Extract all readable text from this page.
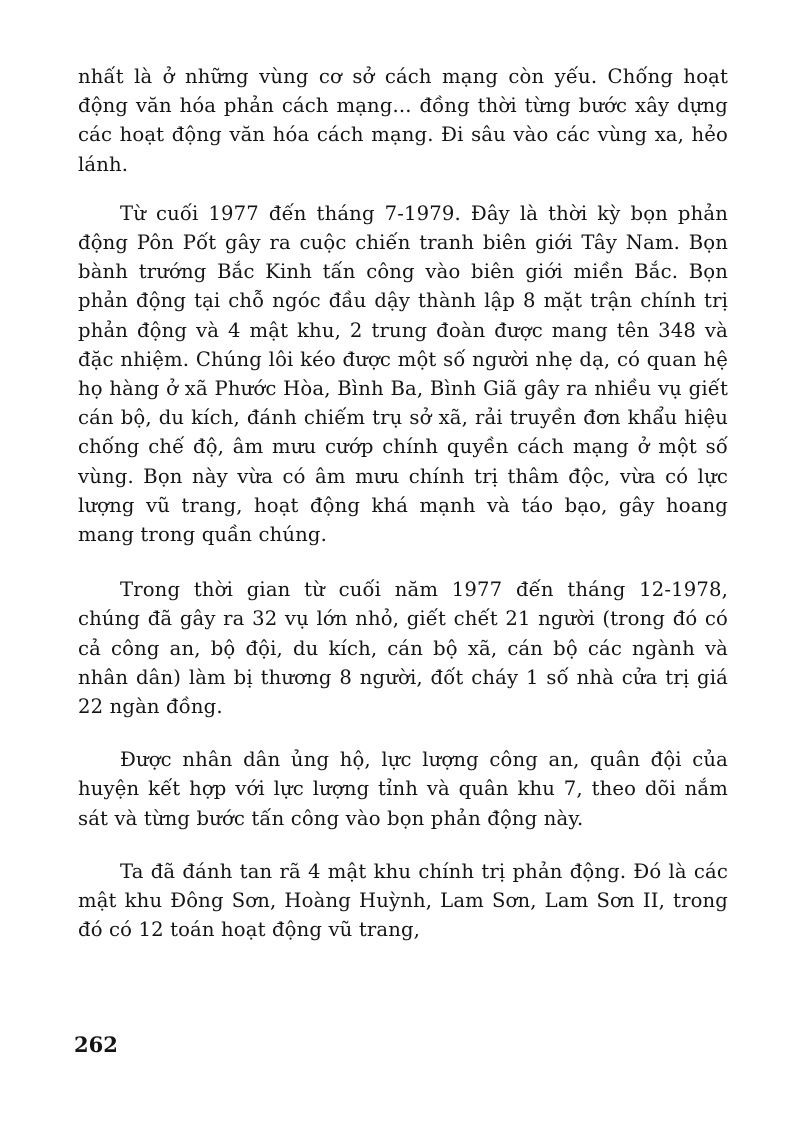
nhất là ở những vùng cơ sở cách mạng còn yếu. Chống hoạt động văn hóa phản cách mạng... đồng thời từng bước xây dựng các hoạt động văn hóa cách mạng. Đi sâu vào các vùng xa, hẻo lánh.

Từ cuối 1977 đến tháng 7-1979. Đây là thời kỳ bọn phản động Pôn Pốt gây ra cuộc chiến tranh biên giới Tây Nam. Bọn bành trướng Bắc Kinh tấn công vào biên giới miền Bắc. Bọn phản động tại chỗ ngóc đầu dậy thành lập 8 mặt trận chính trị phản động và 4 mật khu, 2 trung đoàn được mang tên 348 và đặc nhiệm. Chúng lôi kéo được một số người nhẹ dạ, có quan hệ họ hàng ở xã Phước Hòa, Bình Ba, Bình Giã gây ra nhiều vụ giết cán bộ, du kích, đánh chiếm trụ sở xã, rải truyền đơn khẩu hiệu chống chế độ, âm mưu cướp chính quyền cách mạng ở một số vùng. Bọn này vừa có âm mưu chính trị thâm độc, vừa có lực lượng vũ trang, hoạt động khá mạnh và táo bạo, gây hoang mang trong quần chúng.

Trong thời gian từ cuối năm 1977 đến tháng 12-1978, chúng đã gây ra 32 vụ lớn nhỏ, giết chết 21 người (trong đó có cả công an, bộ đội, du kích, cán bộ xã, cán bộ các ngành và nhân dân) làm bị thương 8 người, đốt cháy 1 số nhà cửa trị giá 22 ngàn đồng.

Được nhân dân ủng hộ, lực lượng công an, quân đội của huyện kết hợp với lực lượng tỉnh và quân khu 7, theo dõi nắm sát và từng bước tấn công vào bọn phản động này.

Ta đã đánh tan rã 4 mật khu chính trị phản động. Đó là các mật khu Đông Sơn, Hoàng Huỳnh, Lam Sơn, Lam Sơn II, trong đó có 12 toán hoạt động vũ trang,

262
